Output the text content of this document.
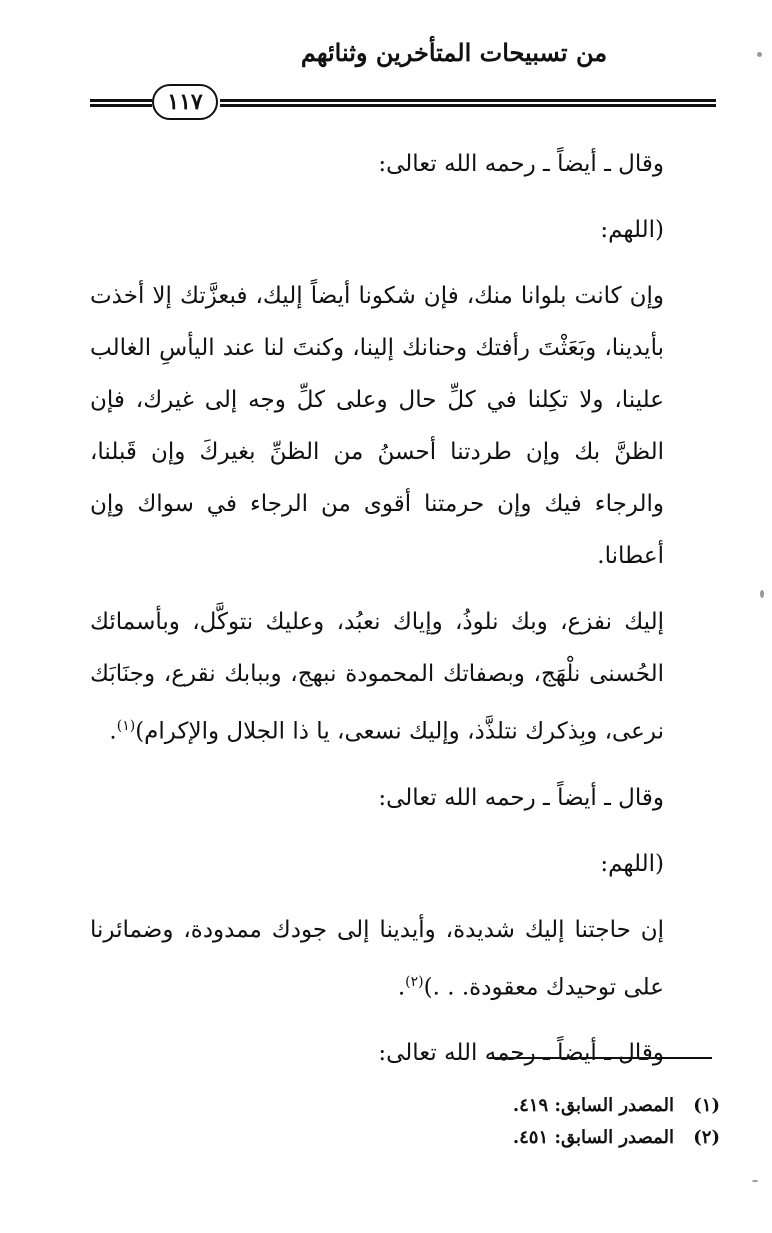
من تسبيحات المتأخرين وثنائهم
١١٧

وقال ـ أيضاً ـ رحمه الله تعالى:

(اللهم:

وإن كانت بلوانا منك، فإن شكونا أيضاً إليك، فبعزَّتك إلا أخذت بأيدينا، وبَعَثْتَ رأفتك وحنانك إلينا، وكنتَ لنا عند اليأسِ الغالب علينا، ولا تكِلنا في كلِّ حال وعلى كلِّ وجه إلى غيرك، فإن الظنَّ بك وإن طردتنا أحسنُ من الظنِّ بغيركَ وإن قَبلنا، والرجاء فيك وإن حرمتنا أقوى من الرجاء في سواك وإن أعطانا.

إليك نفزع، وبك نلوذُ، وإياك نعبُد، وعليك نتوكَّل، وبأسمائك الحُسنى نلْهَج، وبصفاتك المحمودة نبهج، وببابك نقرع، وجنَابَك نرعى، وبِذكرك نتلذَّذ، وإليك نسعى، يا ذا الجلال والإكرام)$^{(١)}$.

وقال ـ أيضاً ـ رحمه الله تعالى:

(اللهم:

إن حاجتنا إليك شديدة، وأيدينا إلى جودك ممدودة، وضمائرنا على توحيدك معقودة. . .)$^{(٢)}$.

وقال ـ أيضاً ـ رحمه الله تعالى:

(١)
المصدر السابق: ٤١٩.
(٢)
المصدر السابق: ٤٥١.
